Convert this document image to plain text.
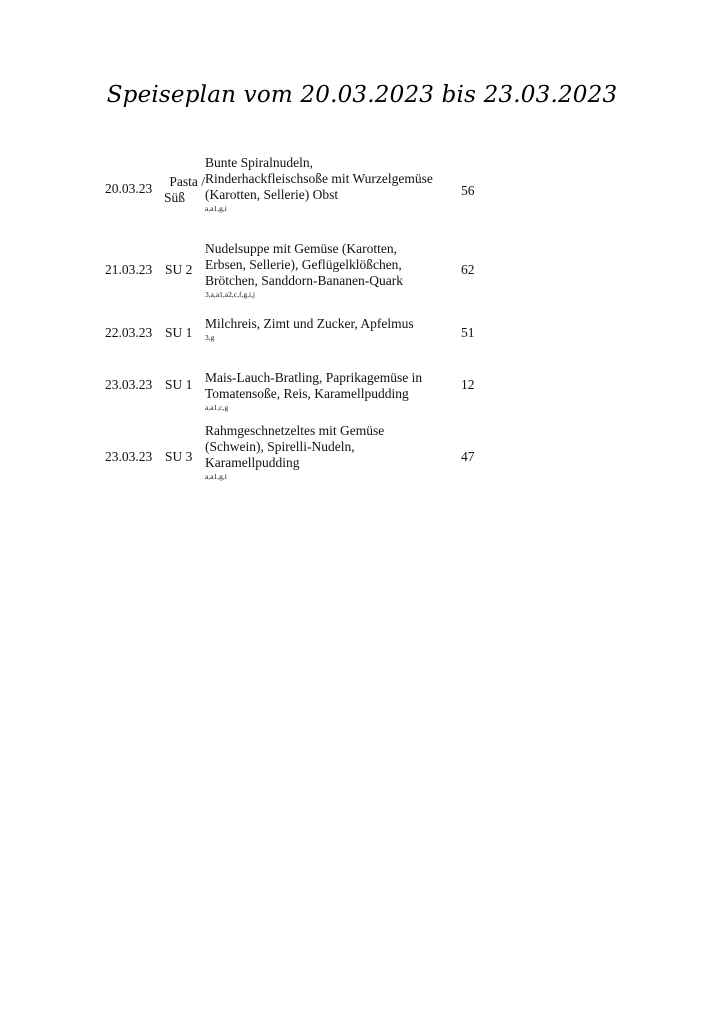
Speiseplan vom 20.03.2023 bis 23.03.2023
20.03.23	Pasta /
Süß
Bunte Spiralnudeln,
Rinderhackfleischsoße mit Wurzelgemüse
(Karotten, Sellerie) Obst
a,a1,g,i
56
21.03.23 SU 2
Nudelsuppe mit Gemüse (Karotten,
Erbsen, Sellerie), Geflügelklößchen,
Brötchen, Sanddorn-Bananen-Quark
3,a,a1,a2,c,f,g,i,j
62
22.03.23 SU 1
Milchreis, Zimt und Zucker, Apfelmus
3,g	51
23.03.23 SU 1 Mais-Lauch-Bratling, Paprikagemüse in
Tomatensoße, Reis, Karamellpudding
a,a1,c,g
12
23.03.23 SU 3
Rahmgeschnetzeltes mit Gemüse
(Schwein), Spirelli-Nudeln,
Karamellpudding
a,a1,g,i
47
